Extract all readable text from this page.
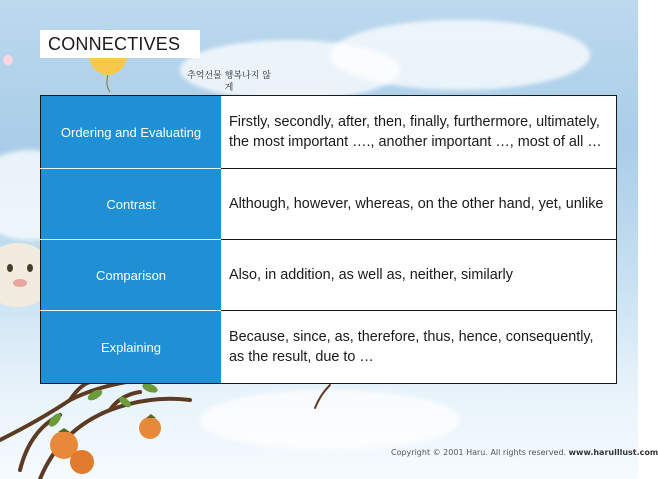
CONNECTIVES
추억선물 행복나지 않게
Ordering and Evaluating	Firstly, secondly, after, then, finally, furthermore, ultimately, the most important …., another important …, most of all …
Contrast	Although, however, whereas, on the other hand, yet, unlike
Comparison	Also, in addition, as well as, neither, similarly
Explaining	Because, since, as, therefore, thus, hence, consequently, as the result, due to …
Copyright © 2001 Haru. All rights reserved. www.harulllust.com
